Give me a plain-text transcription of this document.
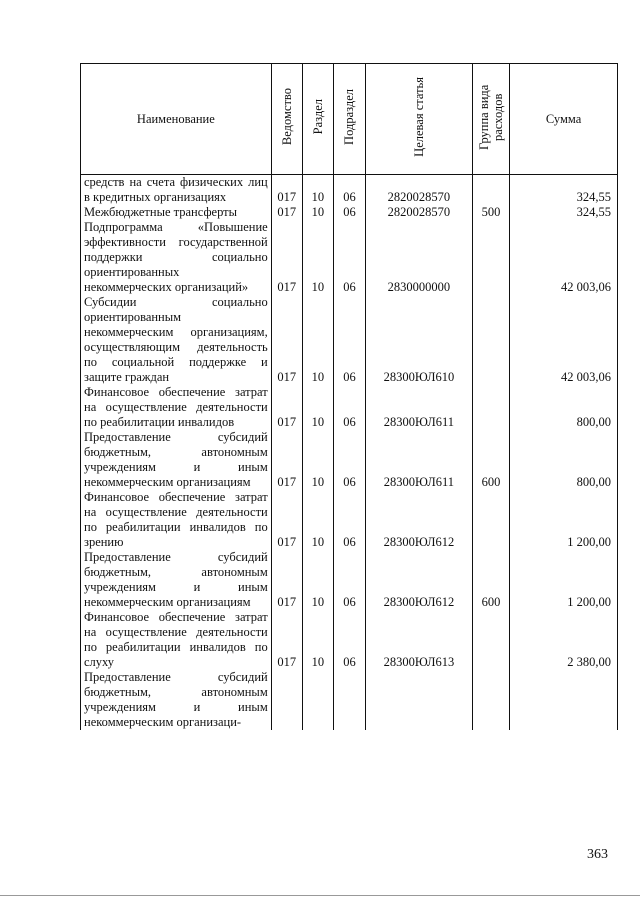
Наименование	Ведомство	Раздел	Подраздел	Целевая статья	Группа вида расходов	Сумма
средств на счета физических лиц в кредитных организациях	017	10	06	2820028570		324,55
Межбюджетные трансферты	017	10	06	2820028570	500	324,55
Подпрограмма «Повышение эффективности государственной поддержки социально ориентированных некоммерческих организаций»	017	10	06	2830000000		42 003,06
Субсидии социально ориентированным некоммерческим организациям, осуществляющим деятельность по социальной поддержке и защите граждан	017	10	06	28300ЮЛ610		42 003,06
Финансовое обеспечение затрат на осуществление деятельности по реабилитации инвалидов	017	10	06	28300ЮЛ611		800,00
Предоставление субсидий бюджетным, автономным учреждениям и иным некоммерческим организациям	017	10	06	28300ЮЛ611	600	800,00
Финансовое обеспечение затрат на осуществление деятельности по реабилитации инвалидов по зрению	017	10	06	28300ЮЛ612		1 200,00
Предоставление субсидий бюджетным, автономным учреждениям и иным некоммерческим организациям	017	10	06	28300ЮЛ612	600	1 200,00
Финансовое обеспечение затрат на осуществление деятельности по реабилитации инвалидов по слуху	017	10	06	28300ЮЛ613		2 380,00
Предоставление субсидий бюджетным, автономным учреждениям и иным некоммерческим организаци-						
363
